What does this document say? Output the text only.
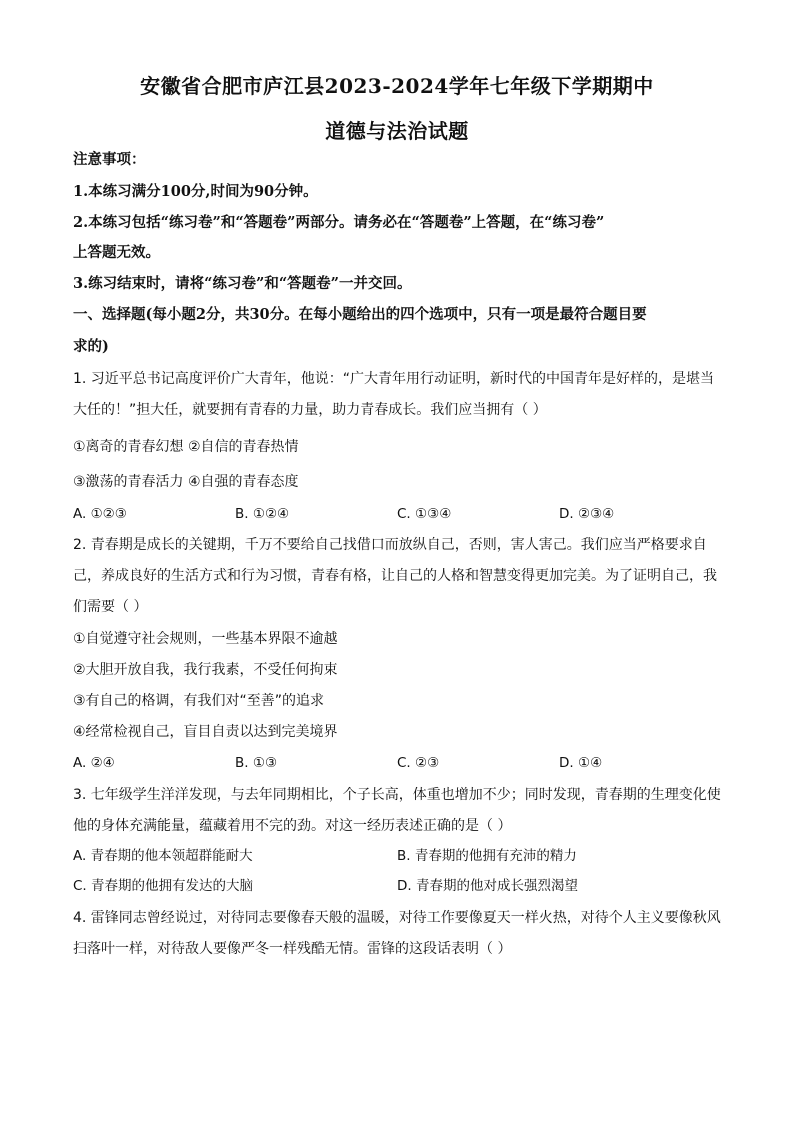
安徽省合肥市庐江县2023-2024学年七年级下学期期中
道德与法治试题
注意事项：
1.本练习满分100分,时间为90分钟。
2.本练习包括“练习卷”和“答题卷”两部分。请务必在“答题卷”上答题，在“练习卷”
上答题无效。
3.练习结束时，请将“练习卷”和“答题卷”一并交回。
一、选择题(每小题2分，共30分。在每小题给出的四个选项中，只有一项是最符合题目要
求的)
1. 习近平总书记高度评价广大青年，他说：“广大青年用行动证明，新时代的中国青年是好样的，是堪当
大任的！”担大任，就要拥有青春的力量，助力青春成长。我们应当拥有（ ）
①离奇的青春幻想 ②自信的青春热情
③激荡的青春活力 ④自强的青春态度
A. ①②③	B. ①②④	C. ①③④	D. ②③④
2. 青春期是成长的关键期，千万不要给自己找借口而放纵自己，否则，害人害己。我们应当严格要求自
己，养成良好的生活方式和行为习惯，青春有格，让自己的人格和智慧变得更加完美。为了证明自己，我
们需要（ ）
①自觉遵守社会规则，一些基本界限不逾越
②大胆开放自我，我行我素，不受任何拘束
③有自己的格调，有我们对“至善”的追求
④经常检视自己，盲目自责以达到完美境界
A. ②④	B. ①③	C. ②③	D. ①④
3. 七年级学生洋洋发现，与去年同期相比，个子长高，体重也增加不少；同时发现，青春期的生理变化使
他的身体充满能量，蕴藏着用不完的劲。对这一经历表述正确的是（ ）
A. 青春期的他本领超群能耐大	B. 青春期的他拥有充沛的精力
C. 青春期的他拥有发达的大脑	D. 青春期的他对成长强烈渴望
4. 雷锋同志曾经说过，对待同志要像春天般的温暖，对待工作要像夏天一样火热，对待个人主义要像秋风
扫落叶一样，对待敌人要像严冬一样残酷无情。雷锋的这段话表明（ ）
